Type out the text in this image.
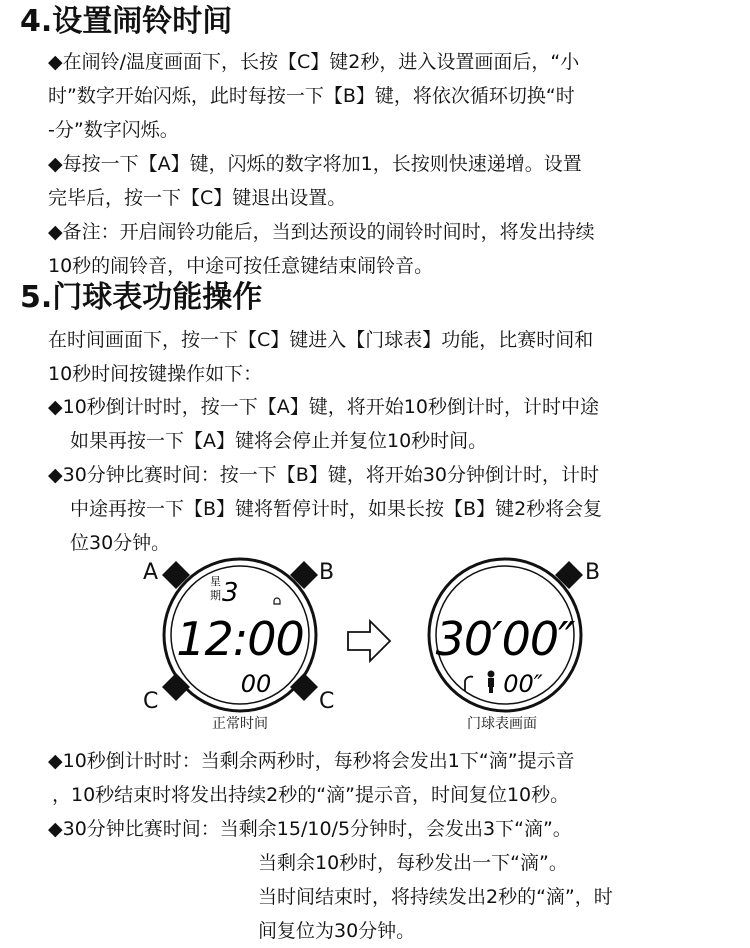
4.设置闹铃时间
◆在闹铃/温度画面下，长按【C】键2秒，进入设置画面后，“小
时”数字开始闪烁，此时每按一下【B】键，将依次循环切换“时
-分”数字闪烁。
◆每按一下【A】键，闪烁的数字将加1，长按则快速递增。设置
完毕后，按一下【C】键退出设置。
◆备注：开启闹铃功能后，当到达预设的闹铃时间时，将发出持续
10秒的闹铃音，中途可按任意键结束闹铃音。
5.门球表功能操作
在时间画面下，按一下【C】键进入【门球表】功能，比赛时间和
10秒时间按键操作如下：
◆10秒倒计时时，按一下【A】键，将开始10秒倒计时，计时中途
如果再按一下【A】键将会停止并复位10秒时间。
◆30分钟比赛时间：按一下【B】键，将开始30分钟倒计时，计时
中途再按一下【B】键将暂停计时，如果长按【B】键2秒将会复
位30分钟。
星
期 3
12:00
00
30′00″
00″
A	B
C	C
B
正常时间	门球表画面
◆10秒倒计时时：当剩余两秒时，每秒将会发出1下“滴”提示音
，10秒结束时将发出持续2秒的“滴”提示音，时间复位10秒。
◆30分钟比赛时间：当剩余15/10/5分钟时，会发出3下“滴”。
当剩余10秒时，每秒发出一下“滴”。
当时间结束时，将持续发出2秒的“滴”，时
间复位为30分钟。
